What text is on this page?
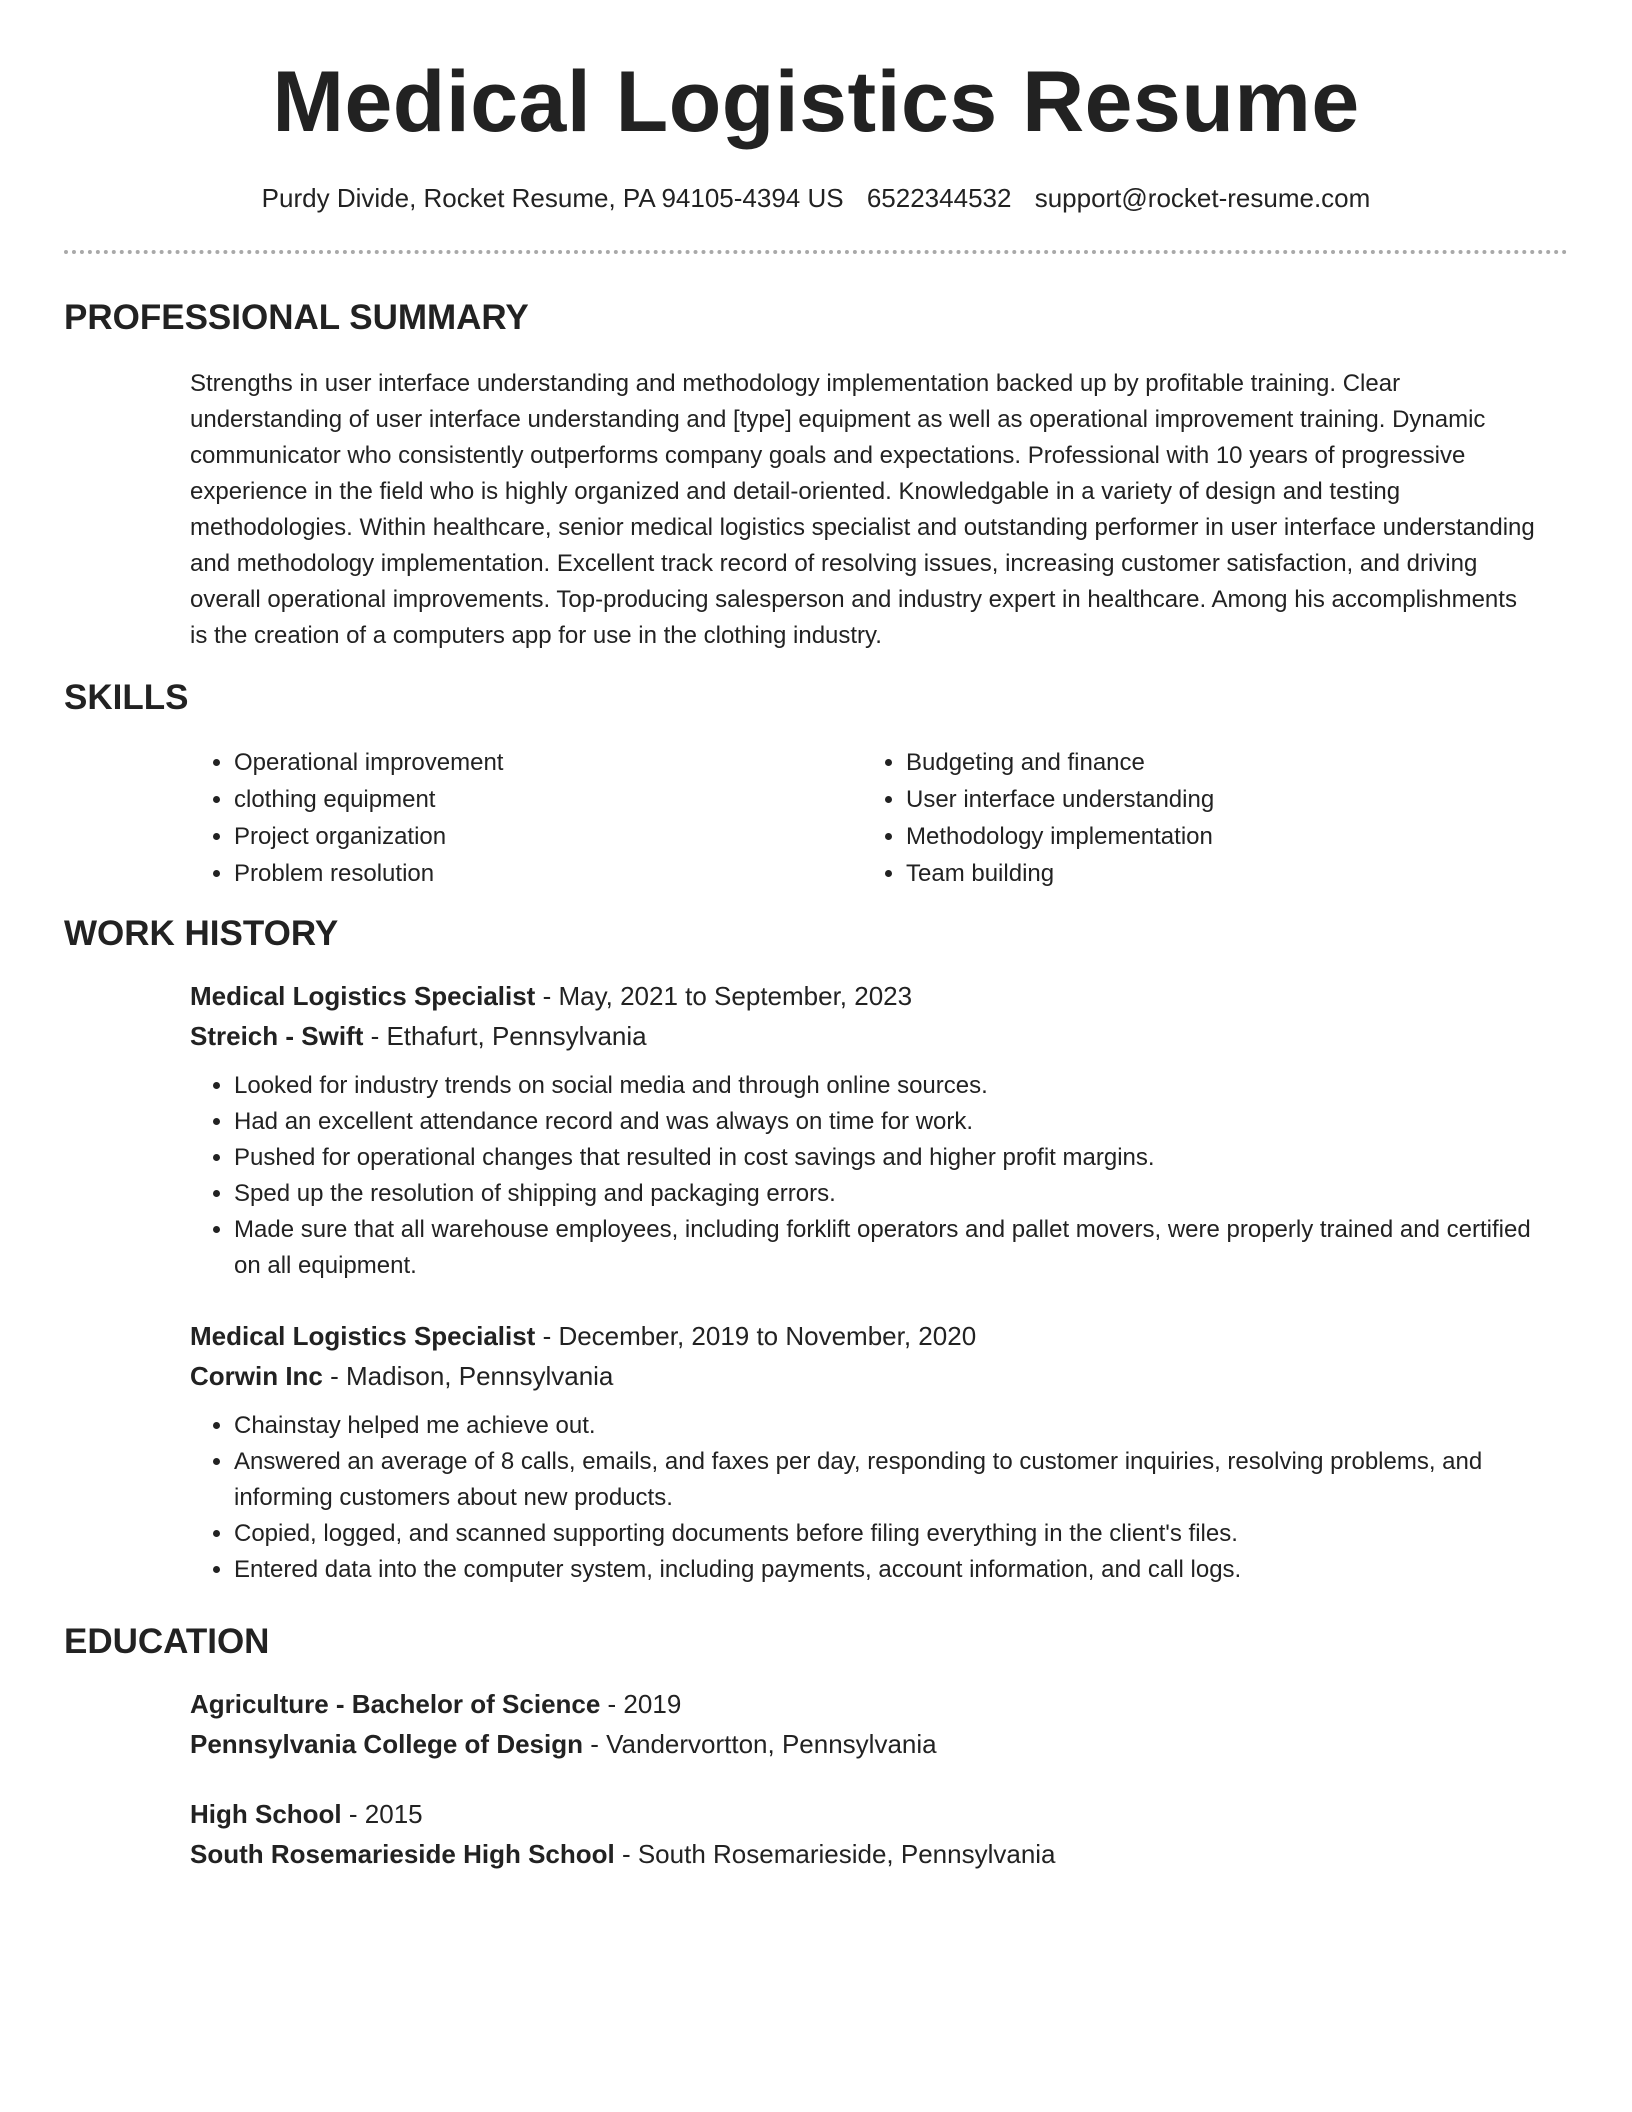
Medical Logistics Resume
Purdy Divide, Rocket Resume, PA 94105-4394 US 6522344532 support@rocket-resume.com
PROFESSIONAL SUMMARY
Strengths in user interface understanding and methodology implementation backed up by profitable training. Clear understanding of user interface understanding and [type] equipment as well as operational improvement training. Dynamic communicator who consistently outperforms company goals and expectations. Professional with 10 years of progressive experience in the field who is highly organized and detail-oriented. Knowledgable in a variety of design and testing methodologies. Within healthcare, senior medical logistics specialist and outstanding performer in user interface understanding and methodology implementation. Excellent track record of resolving issues, increasing customer satisfaction, and driving overall operational improvements. Top-producing salesperson and industry expert in healthcare. Among his accomplishments is the creation of a computers app for use in the clothing industry.
SKILLS
• Operational improvement
• clothing equipment
• Project organization
• Problem resolution
• Budgeting and finance
• User interface understanding
• Methodology implementation
• Team building
WORK HISTORY

Medical Logistics Specialist - May, 2021 to September, 2023

Streich - Swift - Ethafurt, Pennsylvania

• Looked for industry trends on social media and through online sources.
• Had an excellent attendance record and was always on time for work.
• Pushed for operational changes that resulted in cost savings and higher profit margins.
• Sped up the resolution of shipping and packaging errors.
• Made sure that all warehouse employees, including forklift operators and pallet movers, were properly trained and certified on all equipment.

Medical Logistics Specialist - December, 2019 to November, 2020

Corwin Inc - Madison, Pennsylvania

• Chainstay helped me achieve out.
• Answered an average of 8 calls, emails, and faxes per day, responding to customer inquiries, resolving problems, and informing customers about new products.
• Copied, logged, and scanned supporting documents before filing everything in the client's files.
• Entered data into the computer system, including payments, account information, and call logs.
EDUCATION

Agriculture - Bachelor of Science - 2019

Pennsylvania College of Design - Vandervortton, Pennsylvania

High School - 2015

South Rosemarieside High School - South Rosemarieside, Pennsylvania
